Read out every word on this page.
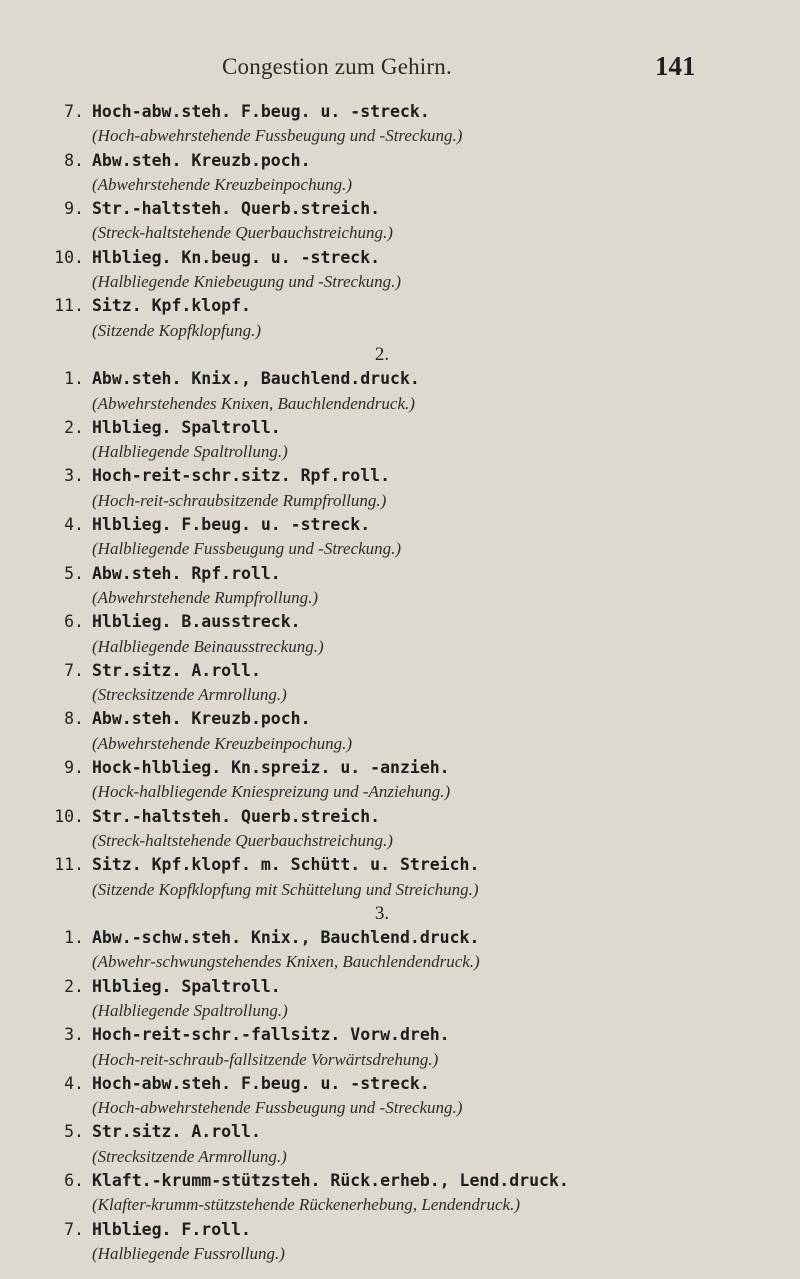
Congestion zum Gehirn.	141
7. Hoch-abw.steh. F.beug. u. -streck.
(Hoch-abwehrstehende Fussbeugung und -Streckung.)
8. Abw.steh. Kreuzb.poch.
(Abwehrstehende Kreuzbeinpochung.)
9. Str.-haltsteh. Querb.streich.
(Streck-haltstehende Querbauchstreichung.)
10. Hlblieg. Kn.beug. u. -streck.
(Halbliegende Kniebeugung und -Streckung.)
11. Sitz. Kpf.klopf.
(Sitzende Kopfklopfung.)
2.
1. Abw.steh. Knix., Bauchlend.druck.
(Abwehrstehendes Knixen, Bauchlendendruck.)
2. Hlblieg. Spaltroll.
(Halbliegende Spaltrollung.)
3. Hoch-reit-schr.sitz. Rpf.roll.
(Hoch-reit-schraubsitzende Rumpfrollung.)
4. Hlblieg. F.beug. u. -streck.
(Halbliegende Fussbeugung und -Streckung.)
5. Abw.steh. Rpf.roll.
(Abwehrstehende Rumpfrollung.)
6. Hlblieg. B.ausstreck.
(Halbliegende Beinausstreckung.)
7. Str.sitz. A.roll.
(Strecksitzende Armrollung.)
8. Abw.steh. Kreuzb.poch.
(Abwehrstehende Kreuzbeinpochung.)
9. Hock-hlblieg. Kn.spreiz. u. -anzieh.
(Hock-halbliegende Kniespreizung und -Anziehung.)
10. Str.-haltsteh. Querb.streich.
(Streck-haltstehende Querbauchstreichung.)
11. Sitz. Kpf.klopf. m. Schütt. u. Streich.
(Sitzende Kopfklopfung mit Schüttelung und Streichung.)
3.
1. Abw.-schw.steh. Knix., Bauchlend.druck.
(Abwehr-schwungstehendes Knixen, Bauchlendendruck.)
2. Hlblieg. Spaltroll.
(Halbliegende Spaltrollung.)
3. Hoch-reit-schr.-fallsitz. Vorw.dreh.
(Hoch-reit-schraub-fallsitzende Vorwärtsdrehung.)
4. Hoch-abw.steh. F.beug. u. -streck.
(Hoch-abwehrstehende Fussbeugung und -Streckung.)
5. Str.sitz. A.roll.
(Strecksitzende Armrollung.)
6. Klaft.-krumm-stützsteh. Rück.erheb., Lend.druck.
(Klafter-krumm-stützstehende Rückenerhebung, Lendendruck.)
7. Hlblieg. F.roll.
(Halbliegende Fussrollung.)
